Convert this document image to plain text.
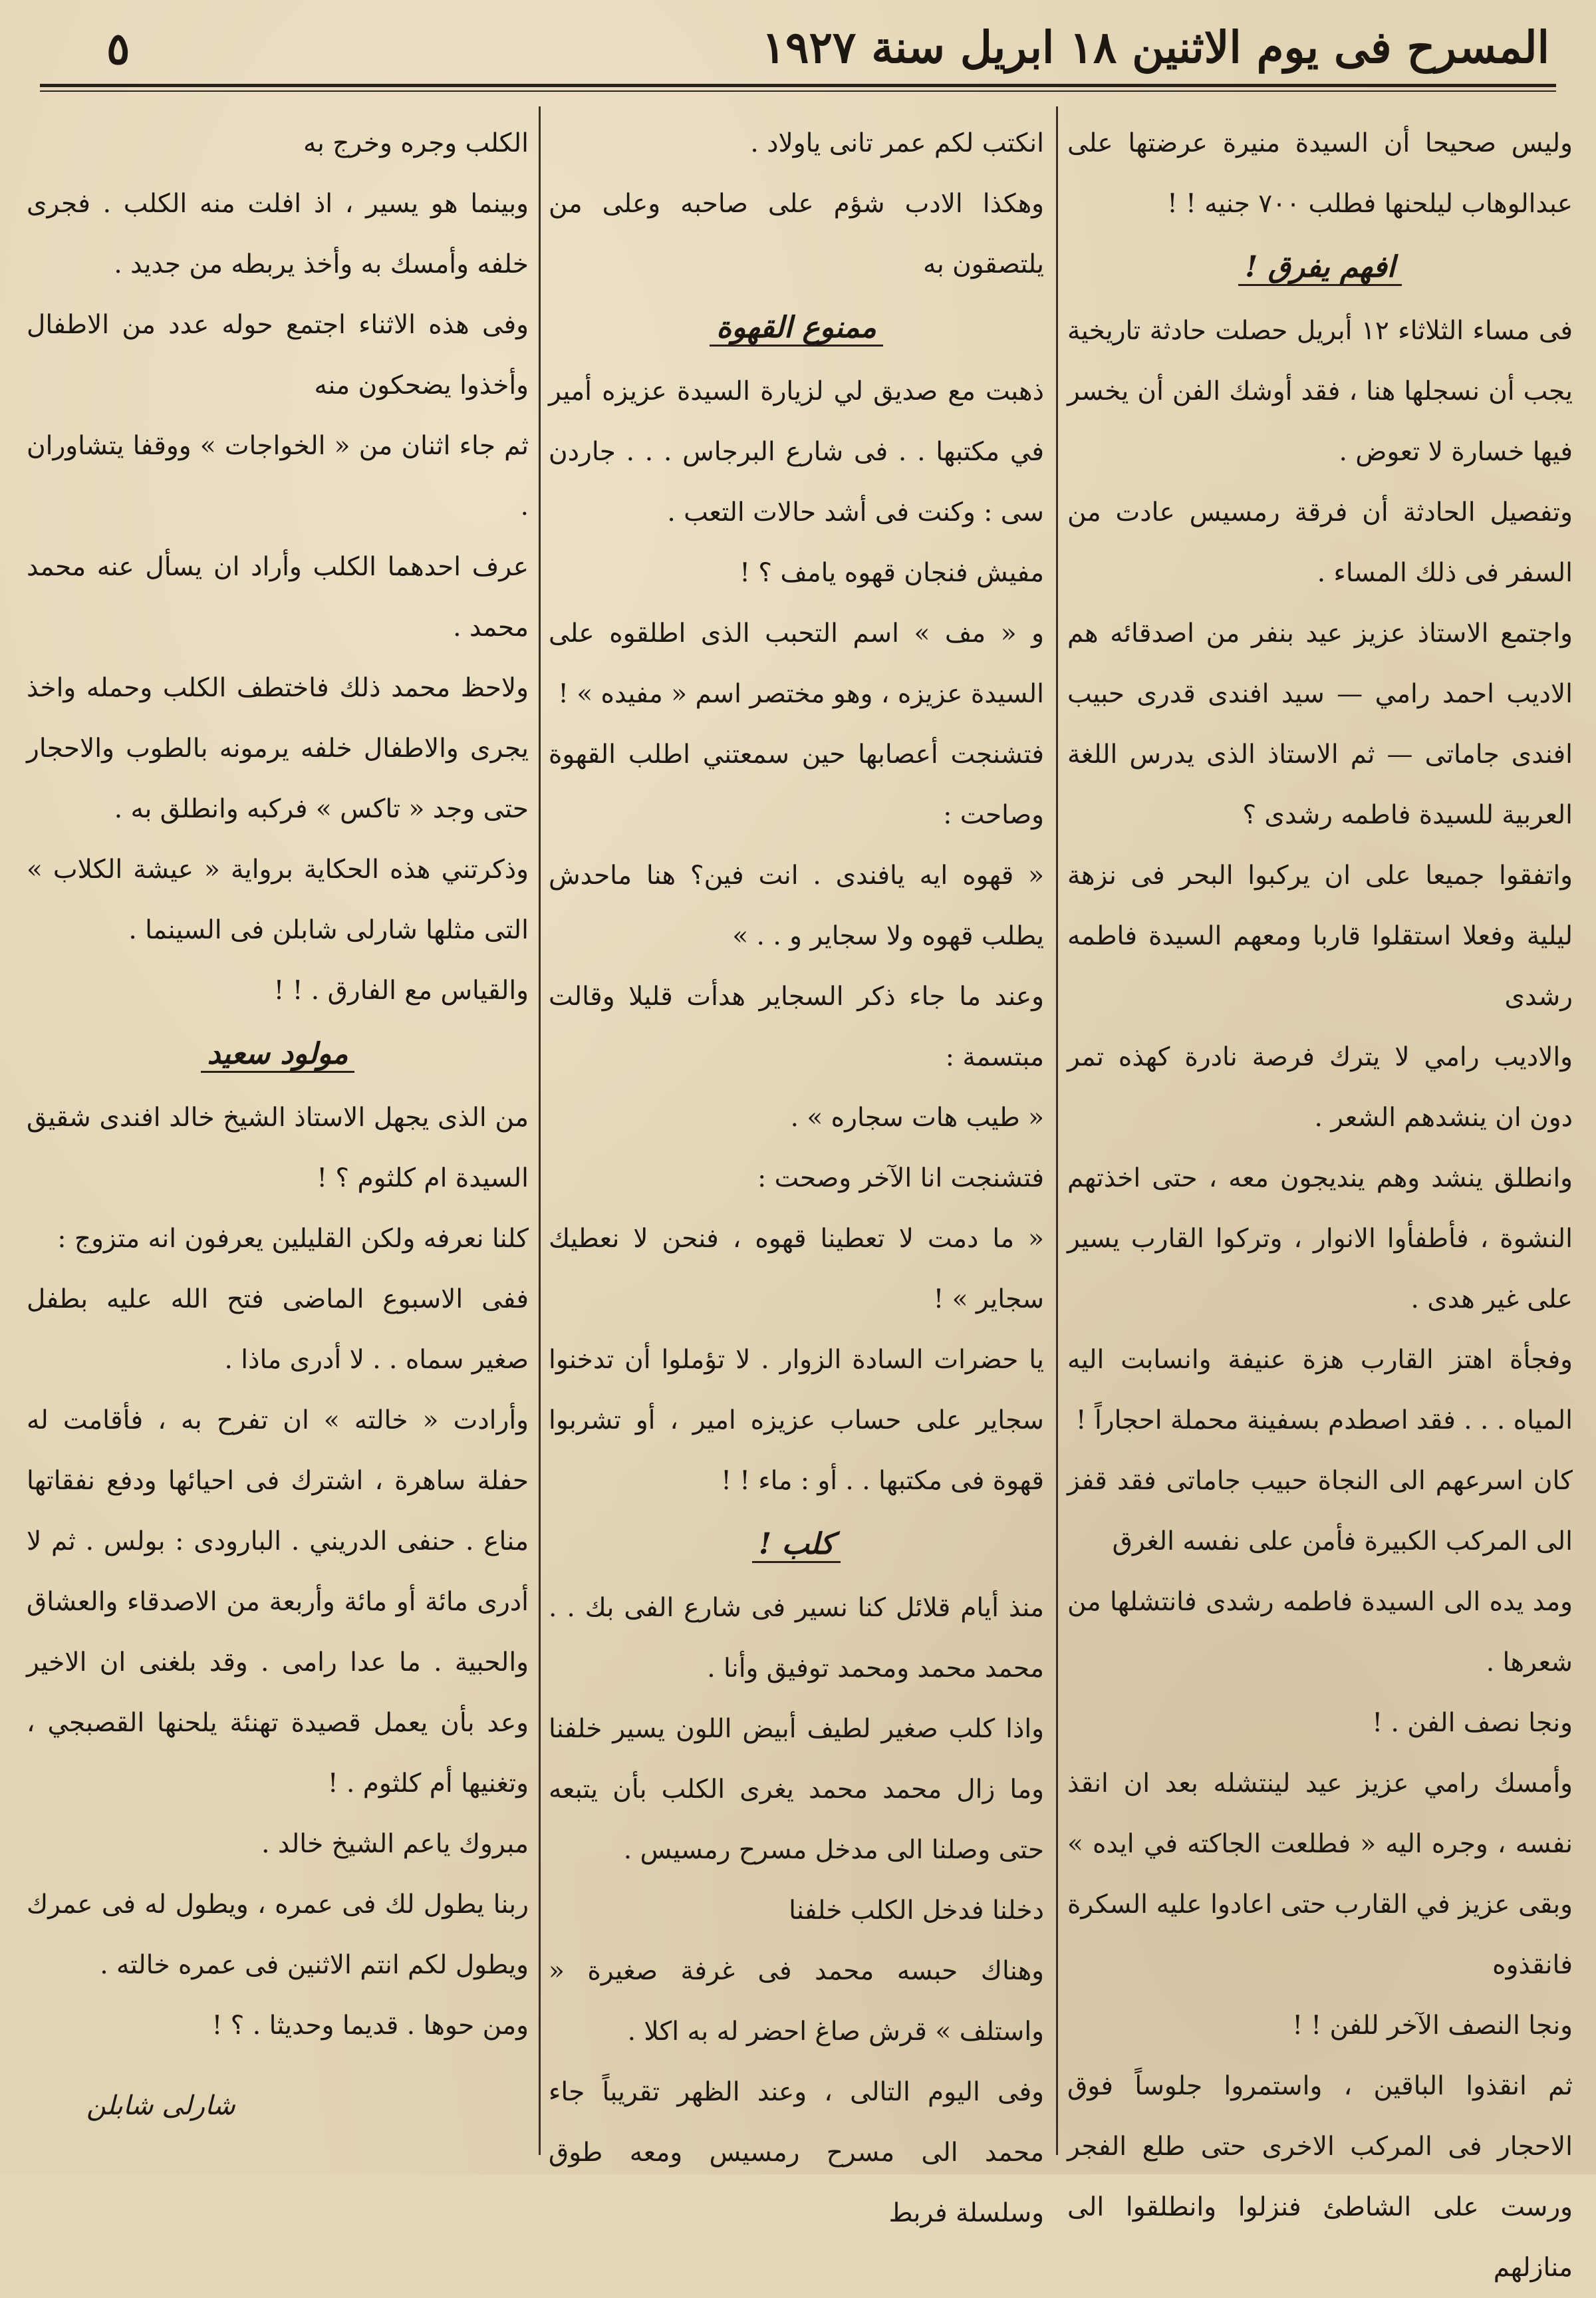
المسرح فى يوم الاثنين ١٨ ابريل سنة ١٩٢٧
٥
وليس صحيحا أن السيدة منيرة عرضتها على عبدالوهاب ليلحنها فطلب ٧٠٠ جنيه ! !
افهم يفرق !
فى مساء الثلاثاء ١٢ أبريل حصلت حادثة تاريخية يجب أن نسجلها هنا ، فقد أوشك الفن أن يخسر فيها خسارة لا تعوض .
وتفصيل الحادثة أن فرقة رمسيس عادت من السفر فى ذلك المساء .
واجتمع الاستاذ عزيز عيد بنفر من اصدقائه هم الاديب احمد رامي — سيد افندى قدرى حبيب افندى جاماتى — ثم الاستاذ الذى يدرس اللغة العربية للسيدة فاطمه رشدى ؟
واتفقوا جميعا على ان يركبوا البحر فى نزهة ليلية وفعلا استقلوا قاربا ومعهم السيدة فاطمه رشدى
والاديب رامي لا يترك فرصة نادرة كهذه تمر دون ان ينشدهم الشعر .
وانطلق ينشد وهم ينديجون معه ، حتى اخذتهم النشوة ، فأطفأوا الانوار ، وتركوا القارب يسير على غير هدى .
وفجأة اهتز القارب هزة عنيفة وانسابت اليه المياه . . . فقد اصطدم بسفينة محملة احجاراً !
كان اسرعهم الى النجاة حبيب جاماتى فقد قفز الى المركب الكبيرة فأمن على نفسه الغرق
ومد يده الى السيدة فاطمه رشدى فانتشلها من شعرها .
ونجا نصف الفن . !
وأمسك رامي عزيز عيد لينتشله بعد ان انقذ نفسه ، وجره اليه « فطلعت الجاكته في ايده » وبقى عزيز في القارب حتى اعادوا عليه السكرة فانقذوه
ونجا النصف الآخر للفن ! !
ثم انقذوا الباقين ، واستمروا جلوساً فوق الاحجار فى المركب الاخرى حتى طلع الفجر ورست على الشاطئ فنزلوا وانطلقوا الى منازلهم
انكتب لكم عمر تانى ياولاد .
وهكذا الادب شؤم على صاحبه وعلى من يلتصقون به
ممنوع القهوة
ذهبت مع صديق لي لزيارة السيدة عزيزه أمير في مكتبها . . فى شارع البرجاس . . . جاردن سى : وكنت فى أشد حالات التعب .
مفيش فنجان قهوه يامف ؟ !
و « مف » اسم التحبب الذى اطلقوه على السيدة عزيزه ، وهو مختصر اسم « مفيده » !
فتشنجت أعصابها حين سمعتني اطلب القهوة وصاحت :
« قهوه ايه يافندى . انت فين؟ هنا ماحدش يطلب قهوه ولا سجاير و . . »
وعند ما جاء ذكر السجاير هدأت قليلا وقالت مبتسمة :
« طيب هات سجاره » .
فتشنجت انا الآخر وصحت :
« ما دمت لا تعطينا قهوه ، فنحن لا نعطيك سجاير » !
يا حضرات السادة الزوار . لا تؤملوا أن تدخنوا سجاير على حساب عزيزه امير ، أو تشربوا قهوة فى مكتبها . . أو : ماء ! !
كلب !
منذ أيام قلائل كنا نسير فى شارع الفى بك . . محمد محمد ومحمد توفيق وأنا .
واذا كلب صغير لطيف أبيض اللون يسير خلفنا وما زال محمد محمد يغرى الكلب بأن يتبعه حتى وصلنا الى مدخل مسرح رمسيس .
دخلنا فدخل الكلب خلفنا
وهناك حبسه محمد فى غرفة صغيرة « واستلف » قرش صاغ احضر له به اكلا .
وفى اليوم التالى ، وعند الظهر تقريباً جاء محمد الى مسرح رمسيس ومعه طوق وسلسلة فربط
الكلب وجره وخرج به
وبينما هو يسير ، اذ افلت منه الكلب . فجرى خلفه وأمسك به وأخذ يربطه من جديد .
وفى هذه الاثناء اجتمع حوله عدد من الاطفال وأخذوا يضحكون منه
ثم جاء اثنان من « الخواجات » ووقفا يتشاوران .
عرف احدهما الكلب وأراد ان يسأل عنه محمد محمد .
ولاحظ محمد ذلك فاختطف الكلب وحمله واخذ يجرى والاطفال خلفه يرمونه بالطوب والاحجار حتى وجد « تاكس » فركبه وانطلق به .
وذكرتني هذه الحكاية برواية « عيشة الكلاب » التى مثلها شارلى شابلن فى السينما .
والقياس مع الفارق . ! !
مولود سعيد
من الذى يجهل الاستاذ الشيخ خالد افندى شقيق السيدة ام كلثوم ؟ !
كلنا نعرفه ولكن القليلين يعرفون انه متزوج :
ففى الاسبوع الماضى فتح الله عليه بطفل صغير سماه . . لا أدرى ماذا .
وأرادت « خالته » ان تفرح به ، فأقامت له حفلة ساهرة ، اشترك فى احيائها ودفع نفقاتها مناع . حنفى الدريني . البارودى : بولس . ثم لا أدرى مائة أو مائة وأربعة من الاصدقاء والعشاق والحبية . ما عدا رامى . وقد بلغنى ان الاخير وعد بأن يعمل قصيدة تهنئة يلحنها القصبجي ، وتغنيها أم كلثوم . !
مبروك ياعم الشيخ خالد .
ربنا يطول لك فى عمره ، ويطول له فى عمرك ويطول لكم انتم الاثنين فى عمره خالته .
ومن حوها . قديما وحديثا . ؟ !
شارلى شابلن
